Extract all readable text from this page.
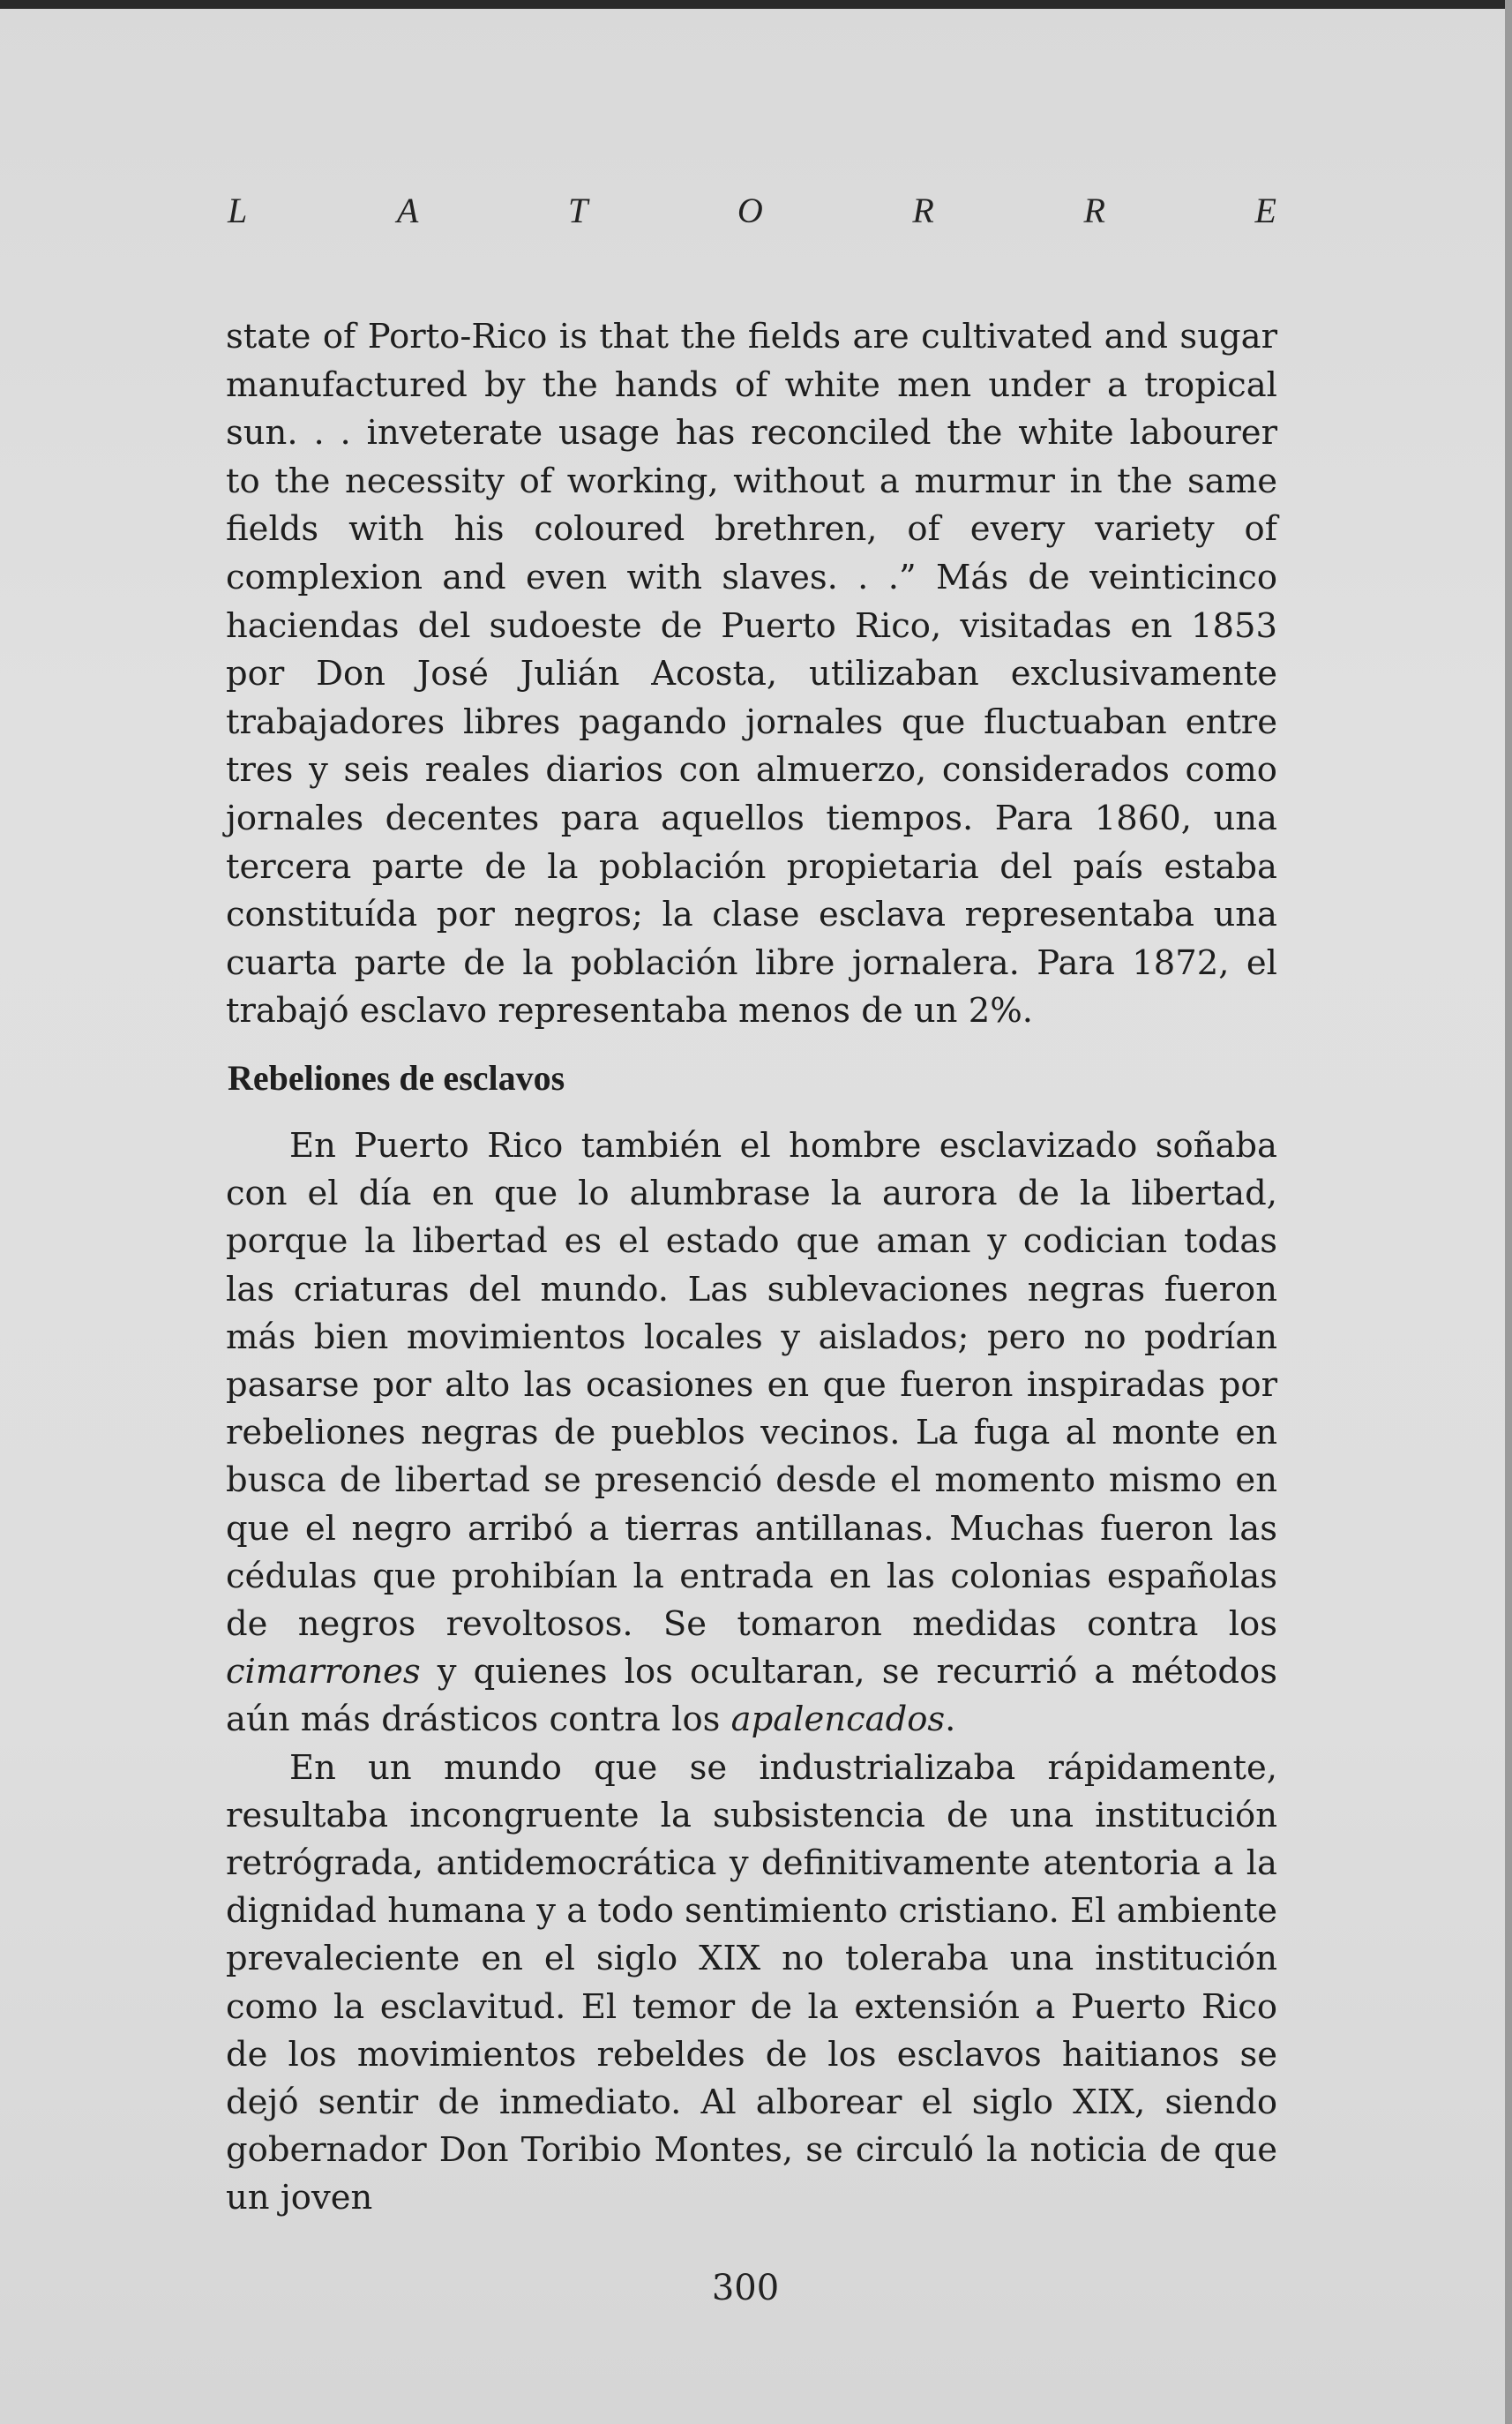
L	A	T	O	R	R	E

state of Porto-Rico is that the fields are cultivated and sugar manufactured by the hands of white men under a tropical sun. . . inveterate usage has reconciled the white labourer to the necessity of working, without a murmur in the same fields with his coloured brethren, of every variety of complexion and even with slaves. . .” Más de veinticinco haciendas del sudoeste de Puerto Rico, visitadas en 1853 por Don José Julián Acosta, utilizaban exclusivamente trabajadores libres pagando jornales que fluctuaban entre tres y seis reales diarios con almuerzo, considerados como jornales decentes para aquellos tiempos. Para 1860, una tercera parte de la población propietaria del país estaba constituída por negros; la clase esclava representaba una cuarta parte de la población libre jornalera. Para 1872, el trabajó esclavo representaba menos de un 2%.

Rebeliones de esclavos

En Puerto Rico también el hombre esclavizado soñaba con el día en que lo alumbrase la aurora de la libertad, porque la libertad es el estado que aman y codician todas las criaturas del mundo. Las sublevaciones negras fueron más bien movimientos locales y aislados; pero no podrían pasarse por alto las ocasiones en que fueron inspiradas por rebeliones negras de pueblos vecinos. La fuga al monte en busca de libertad se presenció desde el momento mismo en que el negro arribó a tierras antillanas. Muchas fueron las cédulas que prohibían la entrada en las colonias españolas de negros revoltosos. Se tomaron medidas contra los cimarrones y quienes los ocultaran, se recurrió a métodos aún más drásticos contra los apalencados.

En un mundo que se industrializaba rápidamente, resultaba incongruente la subsistencia de una institución retrógrada, antidemocrática y definitivamente atentoria a la dignidad humana y a todo sentimiento cristiano. El ambiente prevaleciente en el siglo XIX no toleraba una institución como la esclavitud. El temor de la extensión a Puerto Rico de los movimientos rebeldes de los esclavos haitianos se dejó sentir de inmediato. Al alborear el siglo XIX, siendo gobernador Don Toribio Montes, se circuló la noticia de que un joven

300
